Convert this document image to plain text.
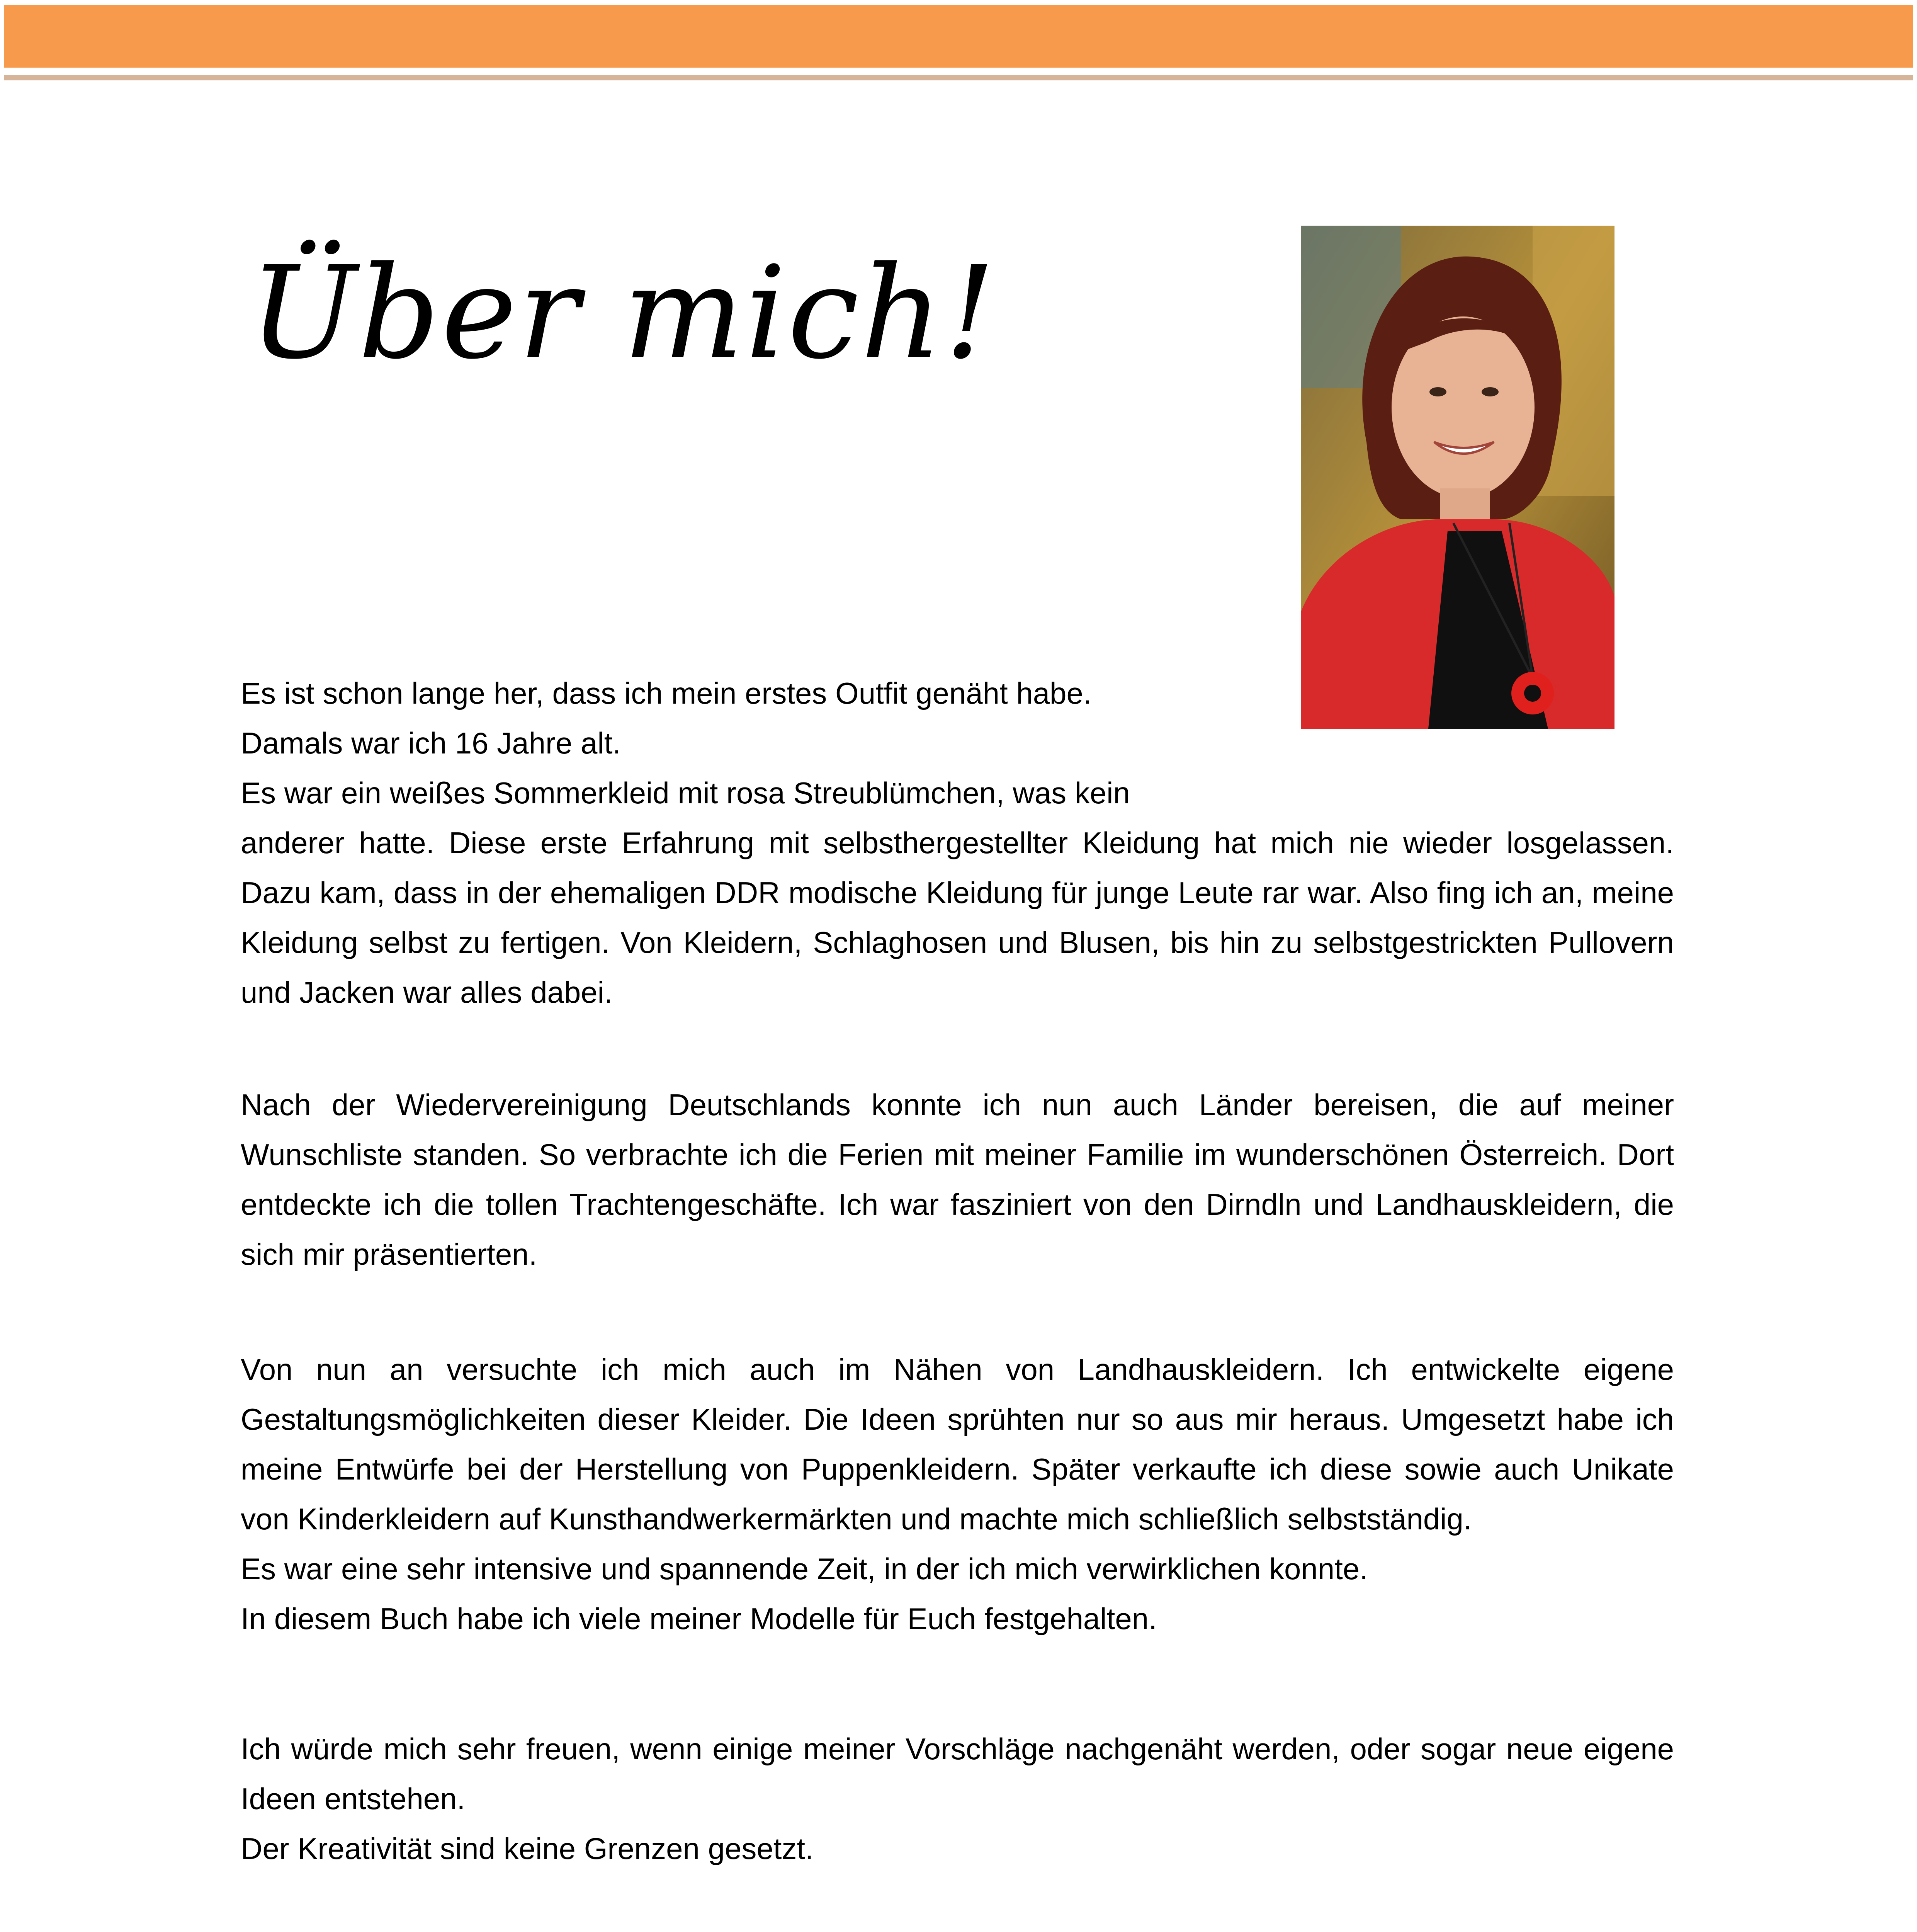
Über mich!

Es ist schon lange her, dass ich mein erstes Outfit genäht habe.

Damals war ich 16 Jahre alt.

Es war ein weißes Sommerkleid mit rosa Streublümchen, was kein

anderer hatte. Diese erste Erfahrung mit selbsthergestellter Kleidung hat mich nie wieder losgelassen. Dazu kam, dass in der ehemaligen DDR modische Kleidung für junge Leute rar war. Also fing ich an, meine Kleidung selbst zu fertigen. Von Kleidern, Schlaghosen und Blusen, bis hin zu selbstgestrickten Pullovern und Jacken war alles dabei.

Nach der Wiedervereinigung Deutschlands konnte ich nun auch Länder bereisen, die auf meiner Wunschliste standen. So verbrachte ich die Ferien mit meiner Familie im wunderschönen Österreich. Dort entdeckte ich die tollen Trachtengeschäfte. Ich war fasziniert von den Dirndln und Landhauskleidern, die sich mir präsentierten.

Von nun an versuchte ich mich auch im Nähen von Landhauskleidern. Ich entwickelte eigene Gestaltungsmöglichkeiten dieser Kleider. Die Ideen sprühten nur so aus mir heraus. Umgesetzt habe ich meine Entwürfe bei der Herstellung von Puppenkleidern. Später verkaufte ich diese sowie auch Unikate von Kinderkleidern auf Kunsthandwerkermärkten und machte mich schließlich selbstständig.

Es war eine sehr intensive und spannende Zeit, in der ich mich verwirklichen konnte.

In diesem Buch habe ich viele meiner Modelle für Euch festgehalten.

Ich würde mich sehr freuen, wenn einige meiner Vorschläge nachgenäht werden, oder sogar neue eigene Ideen entstehen.

Der Kreativität sind keine Grenzen gesetzt.
